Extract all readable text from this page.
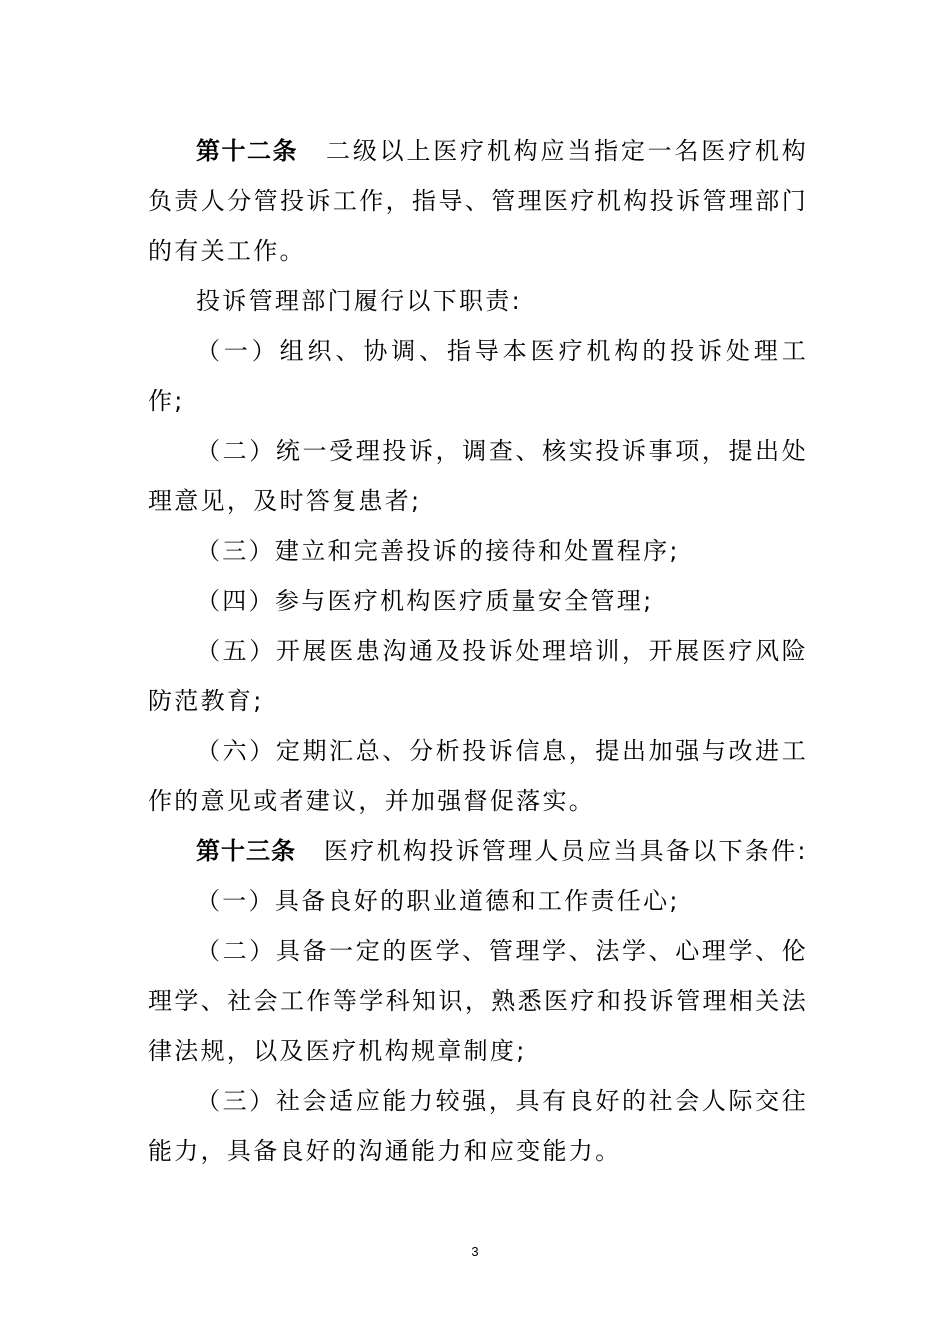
第十二条 二级以上医疗机构应当指定一名医疗机构负责人分管投诉工作，指导、管理医疗机构投诉管理部门的有关工作。

投诉管理部门履行以下职责:

（一）组织、协调、指导本医疗机构的投诉处理工作;

（二）统一受理投诉，调查、核实投诉事项，提出处理意见，及时答复患者;

（三）建立和完善投诉的接待和处置程序;

（四）参与医疗机构医疗质量安全管理;

（五）开展医患沟通及投诉处理培训，开展医疗风险防范教育;

（六）定期汇总、分析投诉信息，提出加强与改进工作的意见或者建议，并加强督促落实。

第十三条 医疗机构投诉管理人员应当具备以下条件:

（一）具备良好的职业道德和工作责任心;

（二）具备一定的医学、管理学、法学、心理学、伦理学、社会工作等学科知识，熟悉医疗和投诉管理相关法律法规，以及医疗机构规章制度;

（三）社会适应能力较强，具有良好的社会人际交往能力，具备良好的沟通能力和应变能力。

3
